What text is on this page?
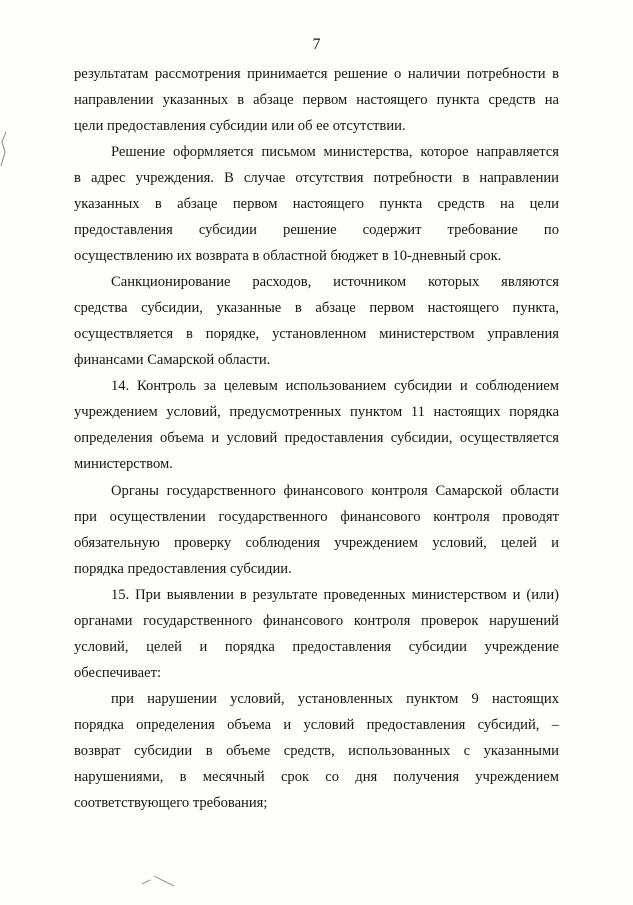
7
результатам рассмотрения принимается решение о наличии потребности в
направлении указанных в абзаце первом настоящего пункта средств на
цели предоставления субсидии или об ее отсутствии.
Решение оформляется письмом министерства, которое направляется
в адрес учреждения. В случае отсутствия потребности в направлении
указанных в абзаце первом настоящего пункта средств на цели
предоставления субсидии решение содержит требование по
осуществлению их возврата в областной бюджет в 10-дневный срок.
Санкционирование расходов, источником которых являются
средства субсидии, указанные в абзаце первом настоящего пункта,
осуществляется в порядке, установленном министерством управления
финансами Самарской области.
14. Контроль за целевым использованием субсидии и соблюдением
учреждением условий, предусмотренных пунктом 11 настоящих порядка
определения объема и условий предоставления субсидии, осуществляется
министерством.
Органы государственного финансового контроля Самарской области
при осуществлении государственного финансового контроля проводят
обязательную проверку соблюдения учреждением условий, целей и
порядка предоставления субсидии.
15. При выявлении в результате проведенных министерством и (или)
органами государственного финансового контроля проверок нарушений
условий, целей и порядка предоставления субсидии учреждение
обеспечивает:
при нарушении условий, установленных пунктом 9 настоящих
порядка определения объема и условий предоставления субсидий, –
возврат субсидии в объеме средств, использованных с указанными
нарушениями, в месячный срок со дня получения учреждением
соответствующего требования;
